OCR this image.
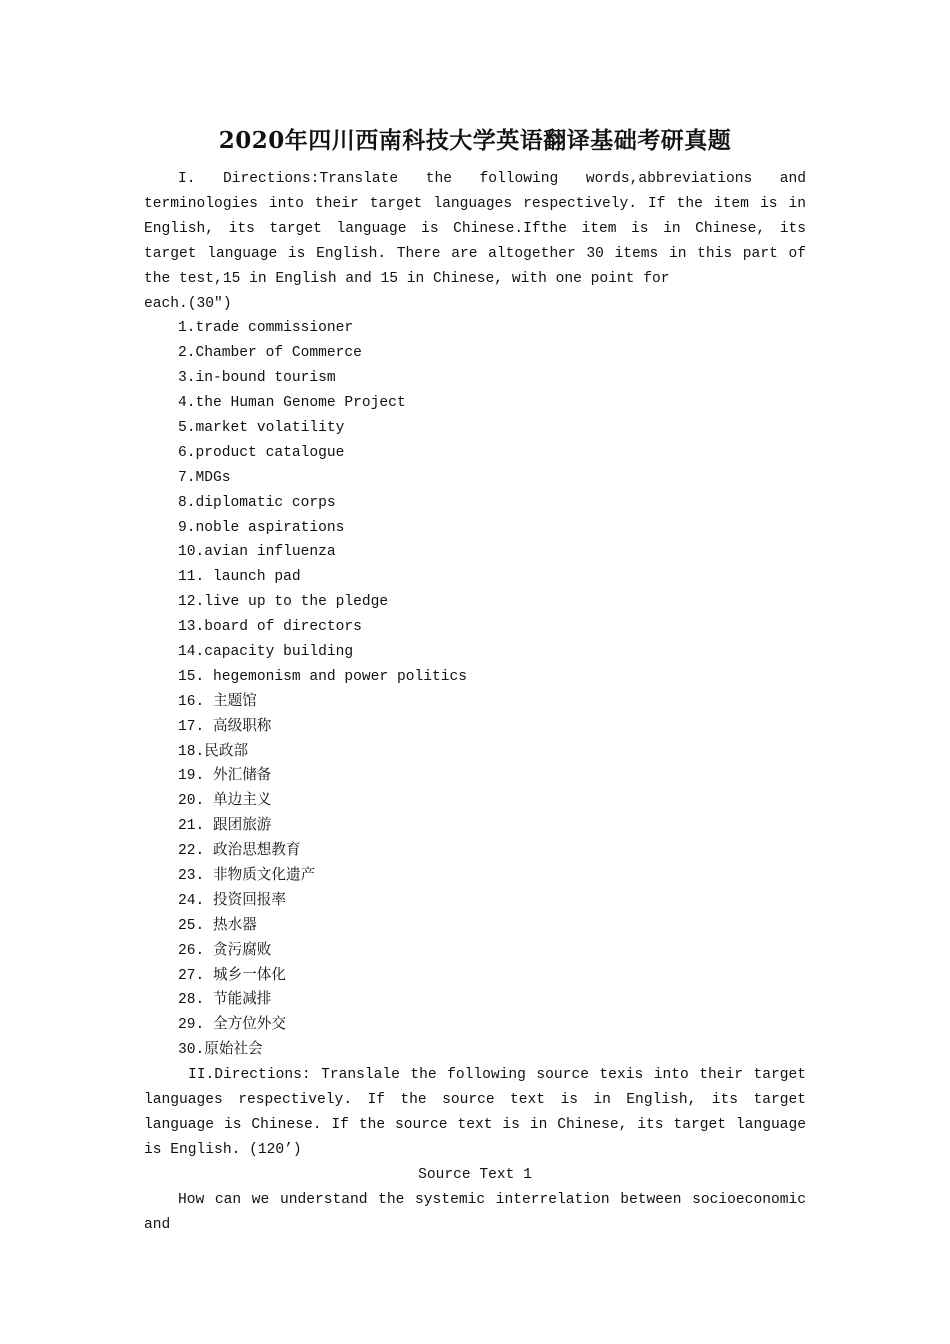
2020年四川西南科技大学英语翻译基础考研真题

I. Directions:Translate the following words,abbreviations and terminologies into their target languages respectively. If the item is in English, its target language is Chinese.Ifthe item is in Chinese, its target language is English. There are altogether 30 items in this part of the test,15 in English and 15 in Chinese, with one point for

each.(30″)

1.trade commissioner
2.Chamber of Commerce
3.in-bound tourism
4.the Human Genome Project
5.market volatility
6.product catalogue
7.MDGs
8.diplomatic corps
9.noble aspirations
10.avian influenza
11. launch pad
12.live up to the pledge
13.board of directors
14.capacity building
15. hegemonism and power politics
16. 主题馆
17. 高级职称
18.民政部
19. 外汇储备
20. 单边主义
21. 跟团旅游
22. 政治思想教育
23. 非物质文化遗产
24. 投资回报率
25. 热水器
26. 贪污腐败
27. 城乡一体化
28. 节能减排
29. 全方位外交
30.原始社会

II.Directions: Translale the following source texis into their target languages respectively. If the source text is in English, its target language is Chinese. If the source text is in Chinese, its target language is English. (120’)

Source Text 1

How can we understand the systemic interrelation between socioeconomic and
